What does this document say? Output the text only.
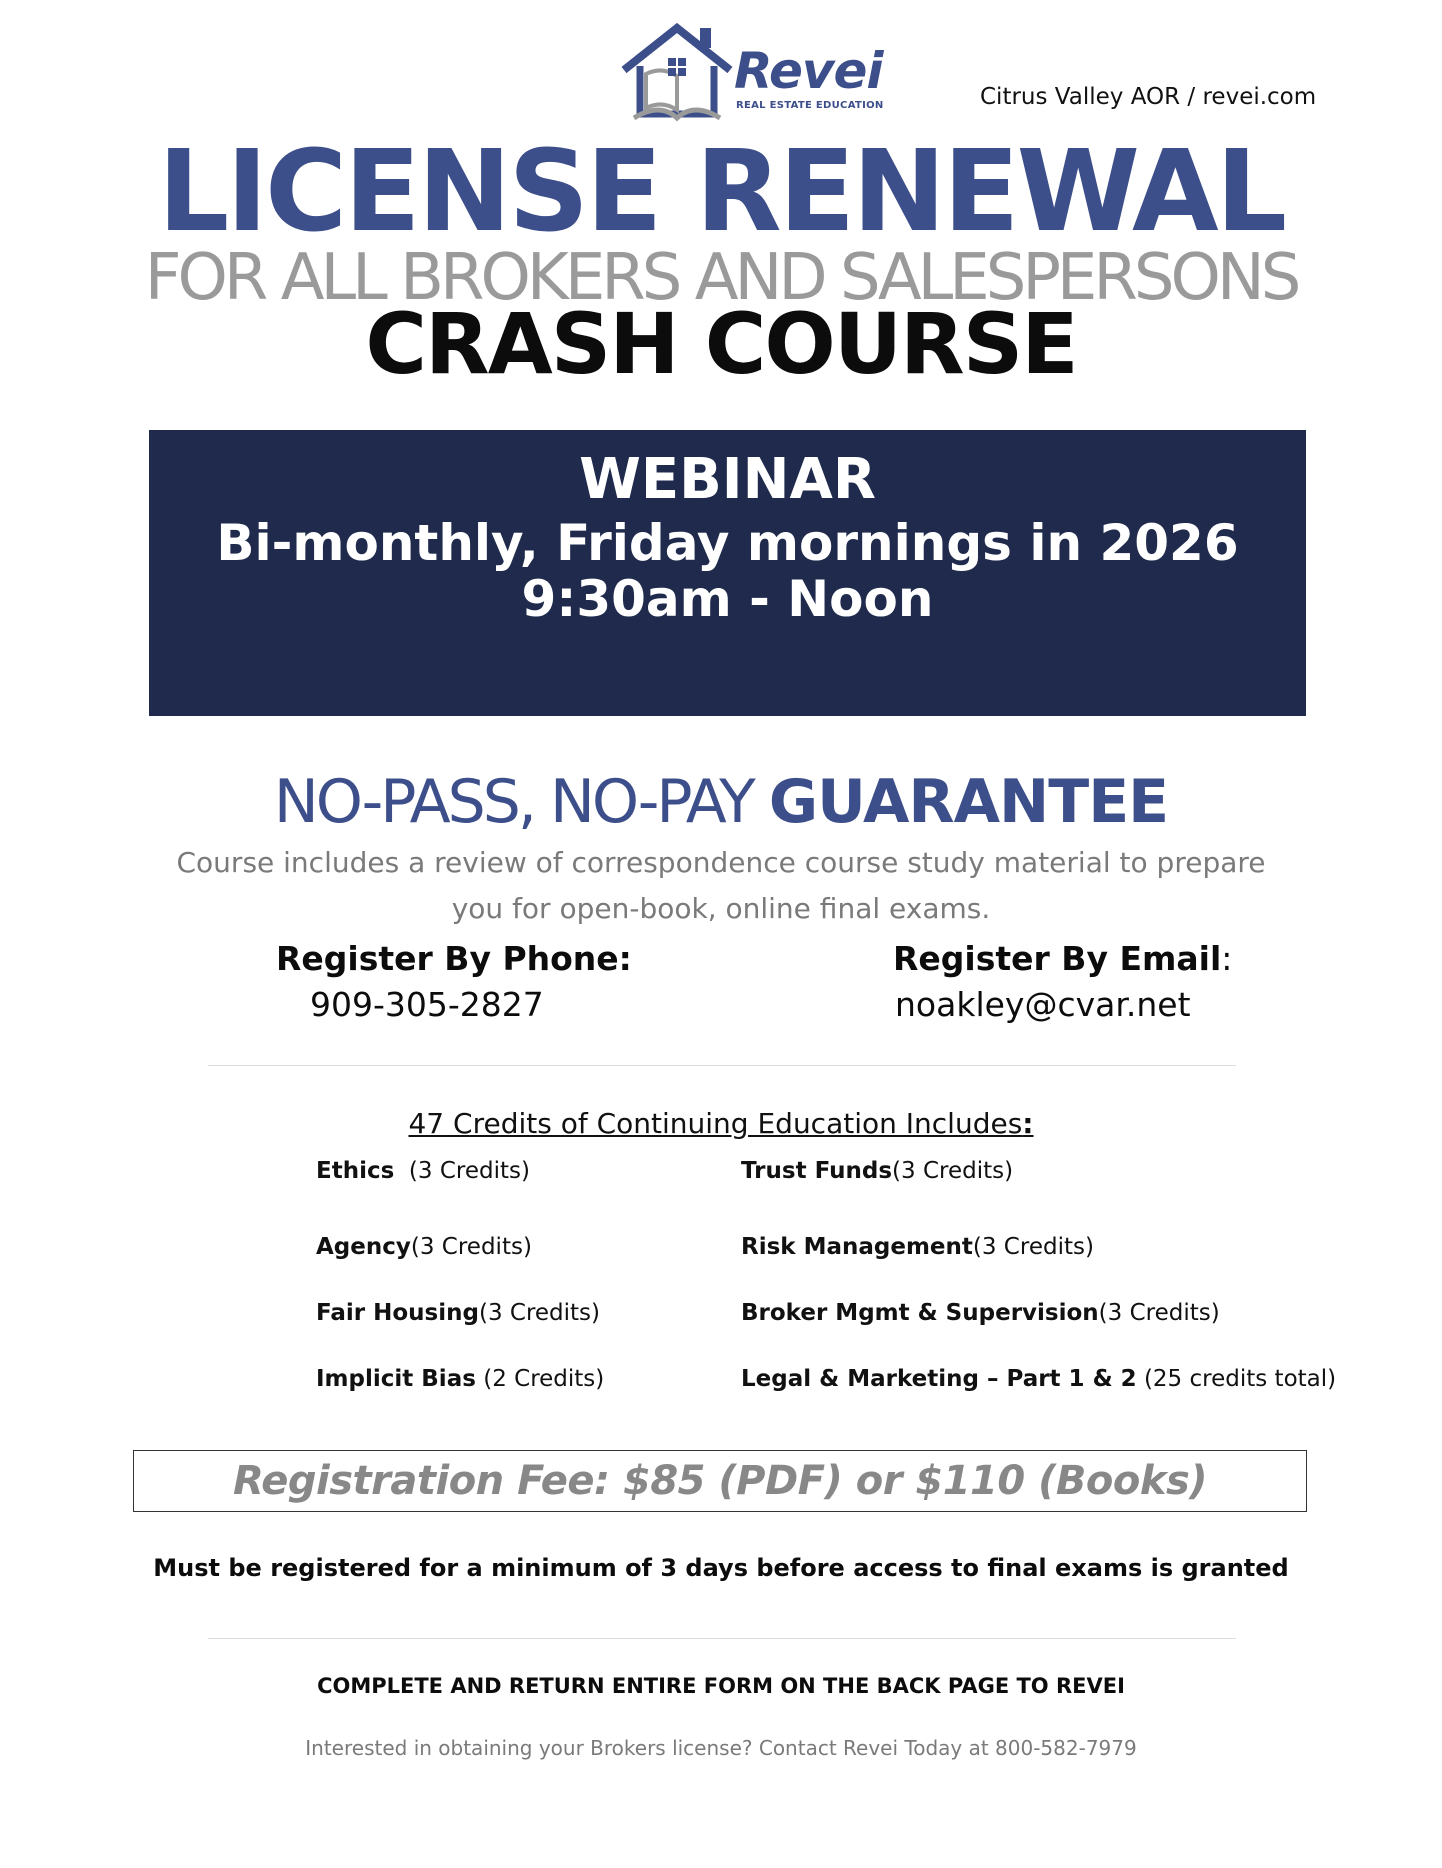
Revei
REAL ESTATE EDUCATION	Citrus Valley AOR / revei.com
LICENSE RENEWAL
FOR ALL BROKERS AND SALESPERSONS
CRASH COURSE
WEBINAR
Bi-monthly, Friday mornings in 2026
9:30am - Noon
NO-PASS, NO-PAY GUARANTEE
Course includes a review of correspondence course study material to prepare you for open-book, online final exams.
Register By Phone:
909-305-2827
Register By Email:
noakley@cvar.net
47 Credits of Continuing Education Includes:
Ethics  (3 Credits)	Trust Funds(3 Credits)
Agency(3 Credits)	Risk Management(3 Credits)
Fair Housing(3 Credits)	Broker Mgmt & Supervision(3 Credits)
Implicit Bias (2 Credits)	Legal & Marketing – Part 1 & 2 (25 credits total)
Registration Fee: $85 (PDF) or $110 (Books)
Must be registered for a minimum of 3 days before access to final exams is granted
COMPLETE AND RETURN ENTIRE FORM ON THE BACK PAGE TO REVEI
Interested in obtaining your Brokers license? Contact Revei Today at 800-582-7979
